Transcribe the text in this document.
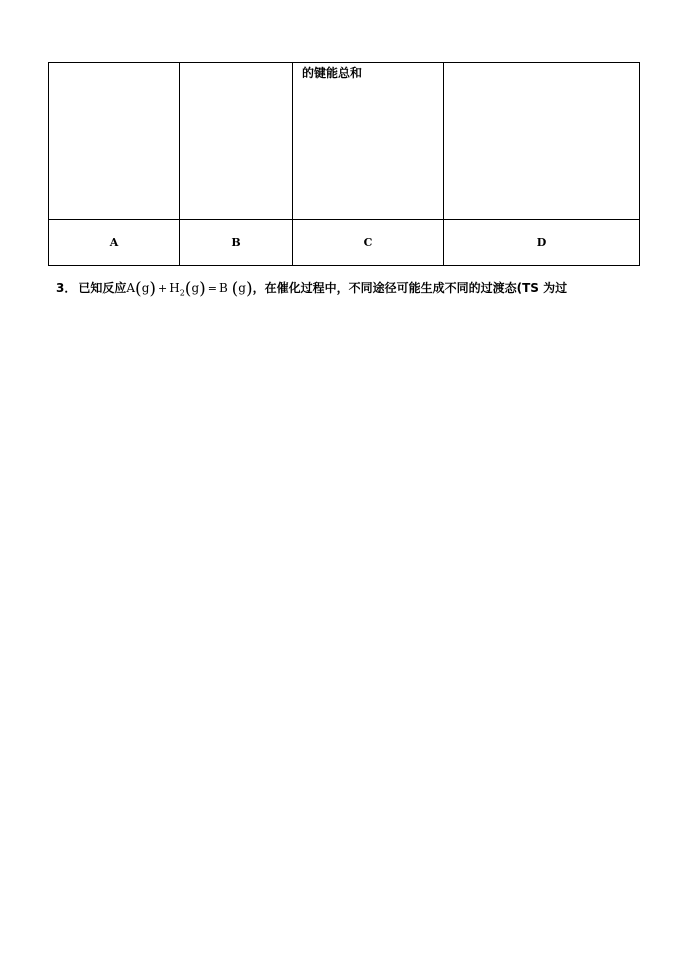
		的键能总和	

A	B	C	D
3． 已知反应$A(g) + H_2(g) = B$ (g)，在催化过程中，不同途径可能生成不同的过渡态(TS 为过
